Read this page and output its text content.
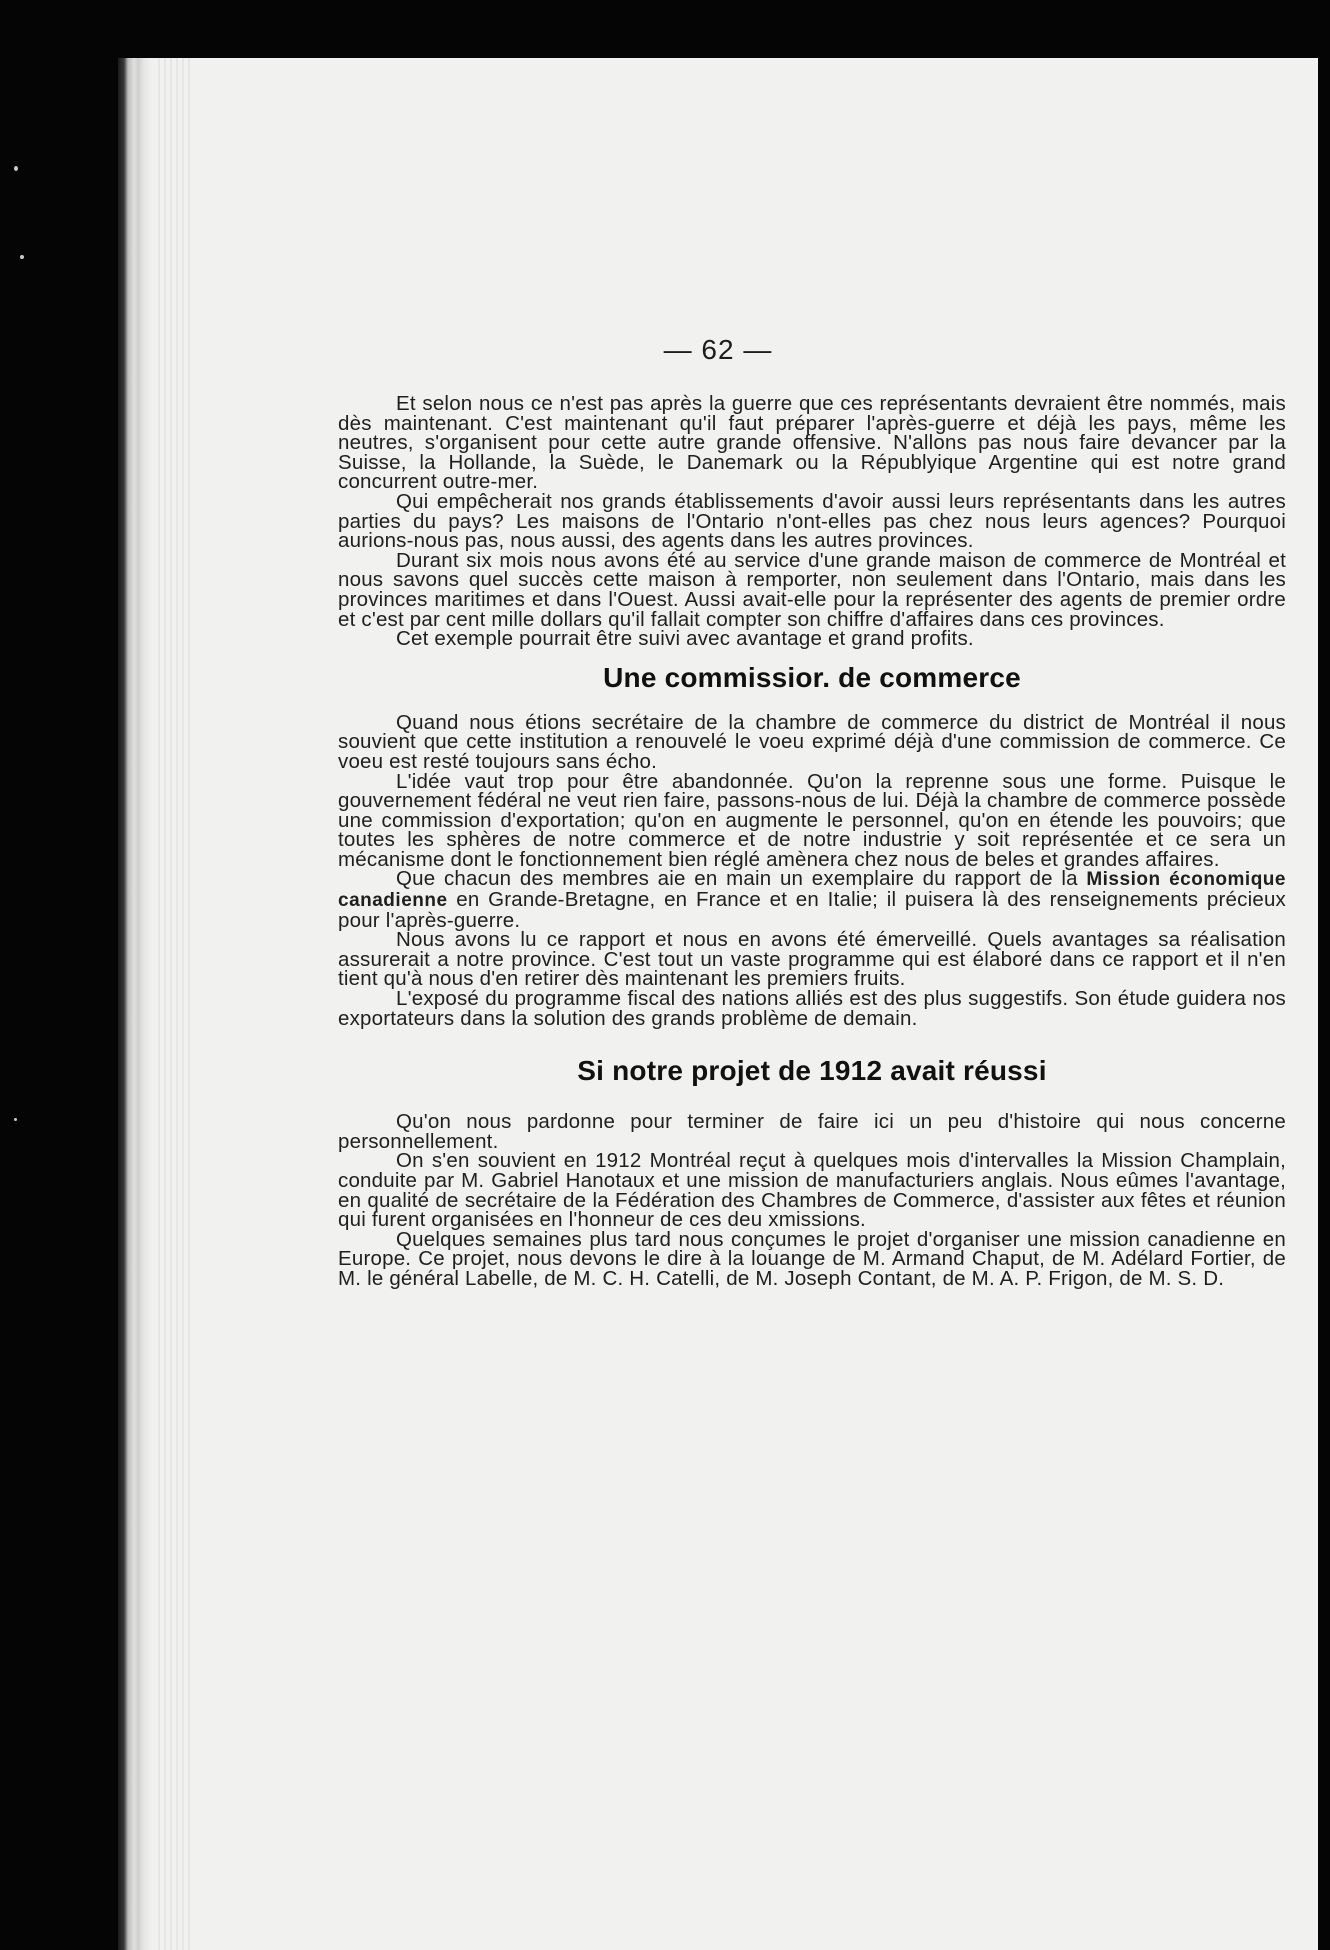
— 62 —

Et selon nous ce n'est pas après la guerre que ces représentants devraient être nommés, mais dès maintenant. C'est maintenant qu'il faut préparer l'après-guerre et déjà les pays, même les neutres, s'organisent pour cette autre grande offensive. N'allons pas nous faire devancer par la Suisse, la Hollande, la Suède, le Danemark ou la Républyique Argentine qui est notre grand concurrent outre-mer.

Qui empêcherait nos grands établissements d'avoir aussi leurs représentants dans les autres parties du pays? Les maisons de l'Ontario n'ont-elles pas chez nous leurs agences? Pourquoi aurions-nous pas, nous aussi, des agents dans les autres provinces.

Durant six mois nous avons été au service d'une grande maison de commerce de Montréal et nous savons quel succès cette maison à remporter, non seulement dans l'Ontario, mais dans les provinces maritimes et dans l'Ouest. Aussi avait-elle pour la représenter des agents de premier ordre et c'est par cent mille dollars qu'il fallait compter son chiffre d'affaires dans ces provinces.

Cet exemple pourrait être suivi avec avantage et grand profits.

Une commissior. de commerce

Quand nous étions secrétaire de la chambre de commerce du district de Montréal il nous souvient que cette institution a renouvelé le voeu exprimé déjà d'une commission de commerce. Ce voeu est resté toujours sans écho.

L'idée vaut trop pour être abandonnée. Qu'on la reprenne sous une forme. Puisque le gouvernement fédéral ne veut rien faire, passons-nous de lui. Déjà la chambre de commerce possède une commission d'exportation; qu'on en augmente le personnel, qu'on en étende les pouvoirs; que toutes les sphères de notre commerce et de notre industrie y soit représentée et ce sera un mécanisme dont le fonctionnement bien réglé amènera chez nous de beles et grandes affaires.

Que chacun des membres aie en main un exemplaire du rapport de la Mission économique canadienne en Grande-Bretagne, en France et en Italie; il puisera là des renseignements précieux pour l'après-guerre.

Nous avons lu ce rapport et nous en avons été émerveillé. Quels avantages sa réalisation assurerait a notre province. C'est tout un vaste programme qui est élaboré dans ce rapport et il n'en tient qu'à nous d'en retirer dès maintenant les premiers fruits.

L'exposé du programme fiscal des nations alliés est des plus suggestifs. Son étude guidera nos exportateurs dans la solution des grands problème de demain.

Si notre projet de 1912 avait réussi

Qu'on nous pardonne pour terminer de faire ici un peu d'histoire qui nous concerne personnellement.

On s'en souvient en 1912 Montréal reçut à quelques mois d'intervalles la Mission Champlain, conduite par M. Gabriel Hanotaux et une mission de manufacturiers anglais. Nous eûmes l'avantage, en qualité de secrétaire de la Fédération des Chambres de Commerce, d'assister aux fêtes et réunion qui furent organisées en l'honneur de ces deu xmissions.

Quelques semaines plus tard nous conçumes le projet d'organiser une mission canadienne en Europe. Ce projet, nous devons le dire à la louange de M. Armand Chaput, de M. Adélard Fortier, de M. le général Labelle, de M. C. H. Catelli, de M. Joseph Contant, de M. A. P. Frigon, de M. S. D.
